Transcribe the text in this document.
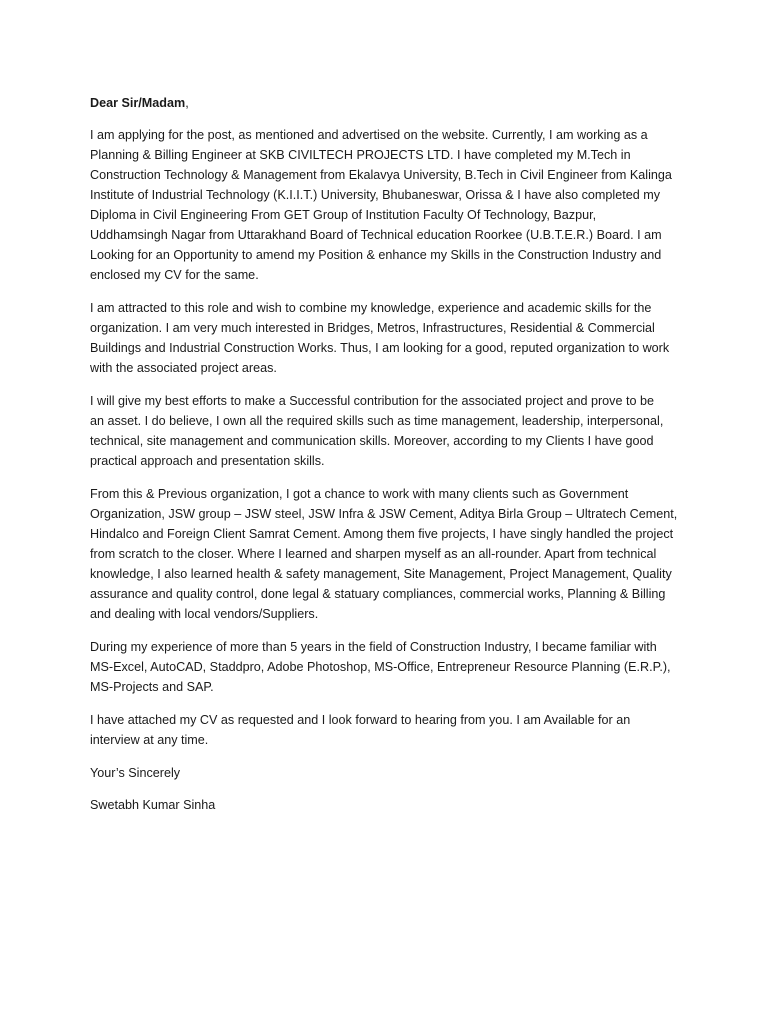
Dear Sir/Madam,
I am applying for the post, as mentioned and advertised on the website. Currently, I am working as a
Planning & Billing Engineer at SKB CIVILTECH PROJECTS LTD. I have completed my M.Tech in
Construction Technology & Management from Ekalavya University, B.Tech in Civil Engineer from Kalinga
Institute of Industrial Technology (K.I.I.T.) University, Bhubaneswar, Orissa & I have also completed my
Diploma in Civil Engineering From GET Group of Institution Faculty Of Technology, Bazpur,
Uddhamsingh Nagar from Uttarakhand Board of Technical education Roorkee (U.B.T.E.R.) Board. I am
Looking for an Opportunity to amend my Position & enhance my Skills in the Construction Industry and
enclosed my CV for the same.
I am attracted to this role and wish to combine my knowledge, experience and academic skills for the
organization. I am very much interested in Bridges, Metros, Infrastructures, Residential & Commercial
Buildings and Industrial Construction Works. Thus, I am looking for a good, reputed organization to work
with the associated project areas.
I will give my best efforts to make a Successful contribution for the associated project and prove to be
an asset. I do believe, I own all the required skills such as time management, leadership, interpersonal,
technical, site management and communication skills. Moreover, according to my Clients I have good
practical approach and presentation skills.
From this & Previous organization, I got a chance to work with many clients such as Government
Organization, JSW group – JSW steel, JSW Infra & JSW Cement, Aditya Birla Group – Ultratech Cement,
Hindalco and Foreign Client Samrat Cement. Among them five projects, I have singly handled the project
from scratch to the closer. Where I learned and sharpen myself as an all-rounder. Apart from technical
knowledge, I also learned health & safety management, Site Management, Project Management, Quality
assurance and quality control, done legal & statuary compliances, commercial works, Planning & Billing
and dealing with local vendors/Suppliers.
During my experience of more than 5 years in the field of Construction Industry, I became familiar with
MS-Excel, AutoCAD, Staddpro, Adobe Photoshop, MS-Office, Entrepreneur Resource Planning (E.R.P.),
MS-Projects and SAP.
I have attached my CV as requested and I look forward to hearing from you. I am Available for an
interview at any time.
Your’s Sincerely
Swetabh Kumar Sinha
